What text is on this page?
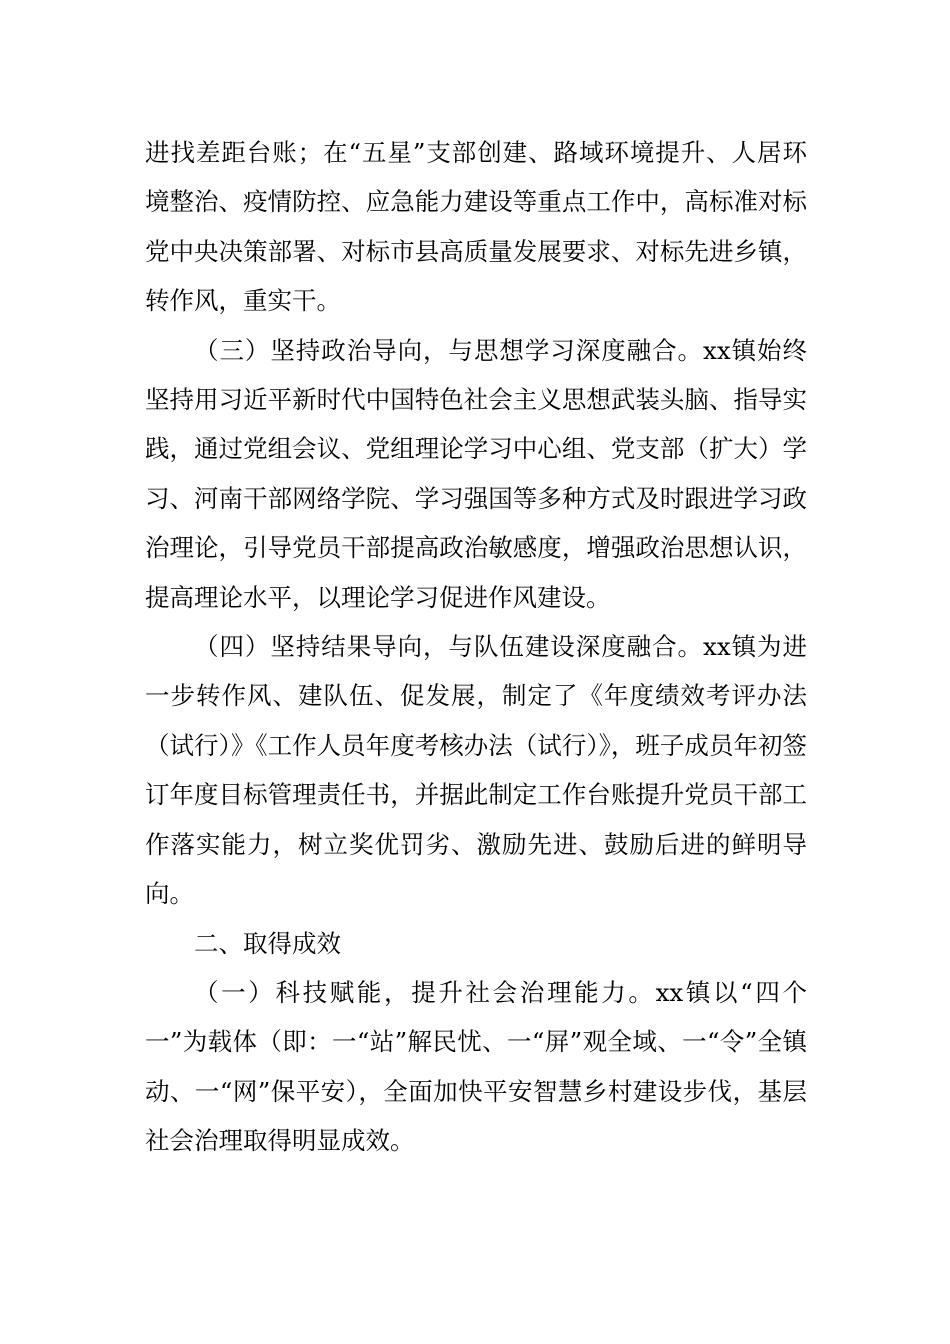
进找差距台账；在“五星”支部创建、路域环境提升、人居环境整治、疫情防控、应急能力建设等重点工作中，高标准对标党中央决策部署、对标市县高质量发展要求、对标先进乡镇，转作风，重实干。

（三）坚持政治导向，与思想学习深度融合。xx镇始终坚持用习近平新时代中国特色社会主义思想武装头脑、指导实践，通过党组会议、党组理论学习中心组、党支部（扩大）学习、河南干部网络学院、学习强国等多种方式及时跟进学习政治理论，引导党员干部提高政治敏感度，增强政治思想认识，提高理论水平，以理论学习促进作风建设。

（四）坚持结果导向，与队伍建设深度融合。xx镇为进一步转作风、建队伍、促发展，制定了《年度绩效考评办法（试行）》《工作人员年度考核办法（试行）》，班子成员年初签订年度目标管理责任书，并据此制定工作台账提升党员干部工作落实能力，树立奖优罚劣、激励先进、鼓励后进的鲜明导向。

二、取得成效

（一）科技赋能，提升社会治理能力。xx镇以“四个一”为载体（即：一“站”解民忧、一“屏”观全域、一“令”全镇动、一“网”保平安），全面加快平安智慧乡村建设步伐，基层社会治理取得明显成效。
